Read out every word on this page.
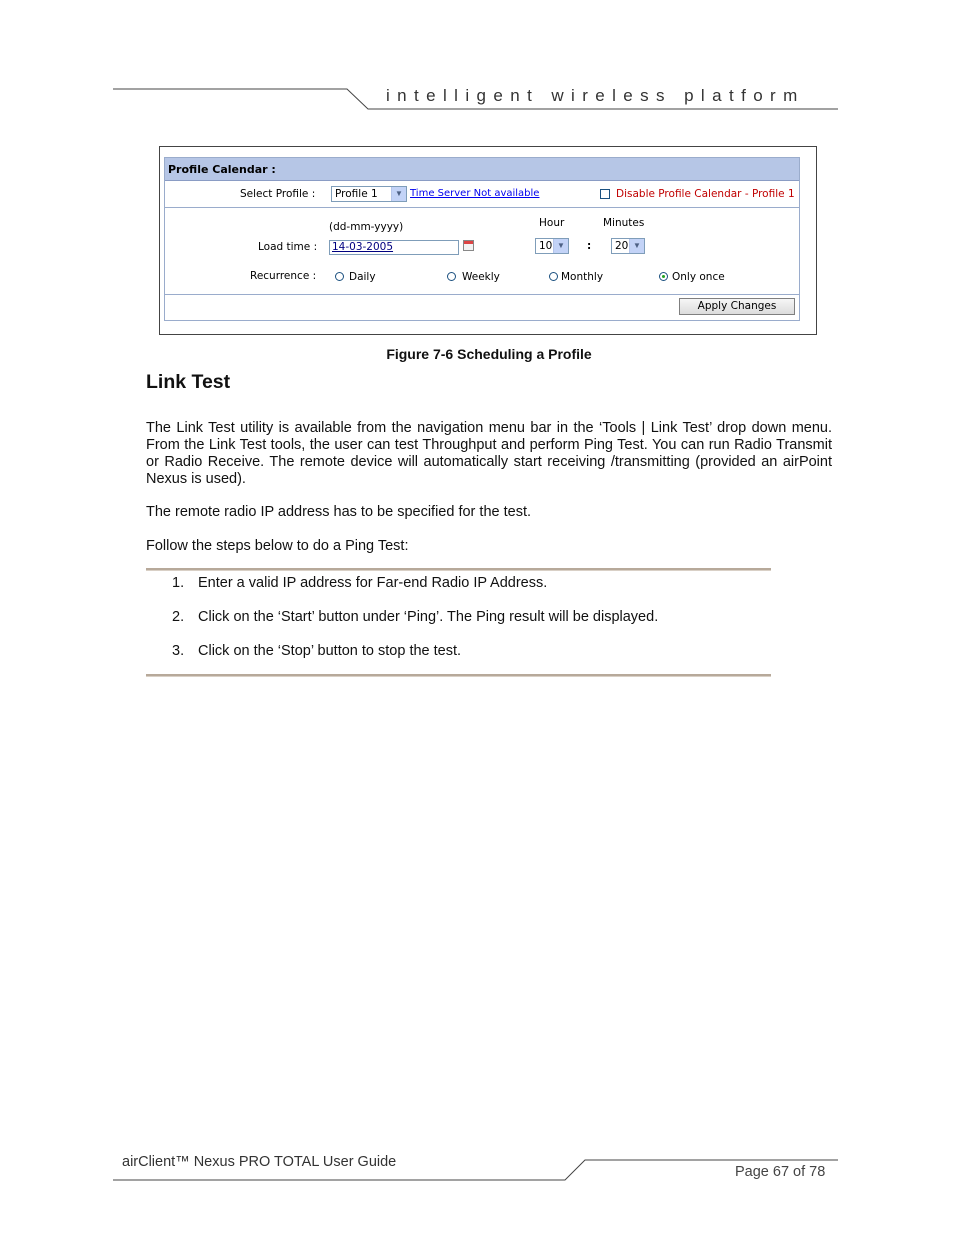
intelligent wireless platform
Profile Calendar :
Select Profile : Profile 1	▼ Time Server Not available	Disable Profile Calendar - Profile 1
(dd-mm-yyyy)	Hour	Minutes
Load time : 14-03-2005	10 ▼ : 20 ▼
Recurrence :	Daily	Weekly	Monthly	Only once
Apply Changes
Figure 7-6 Scheduling a Profile
Link Test
The Link Test utility is available from the navigation menu bar in the ‘Tools | Link Test’ drop down menu. From the Link Test tools, the user can test Throughput and perform Ping Test. You can run Radio Transmit or Radio Receive. The remote device will automatically start receiving /transmitting (provided an airPoint Nexus is used).
The remote radio IP address has to be specified for the test.
Follow the steps below to do a Ping Test:
1. Enter a valid IP address for Far-end Radio IP Address.
2. Click on the ‘Start’ button under ‘Ping’. The Ping result will be displayed.
3. Click on the ‘Stop’ button to stop the test.
airClient™ Nexus PRO TOTAL User Guide
Page 67 of 78
